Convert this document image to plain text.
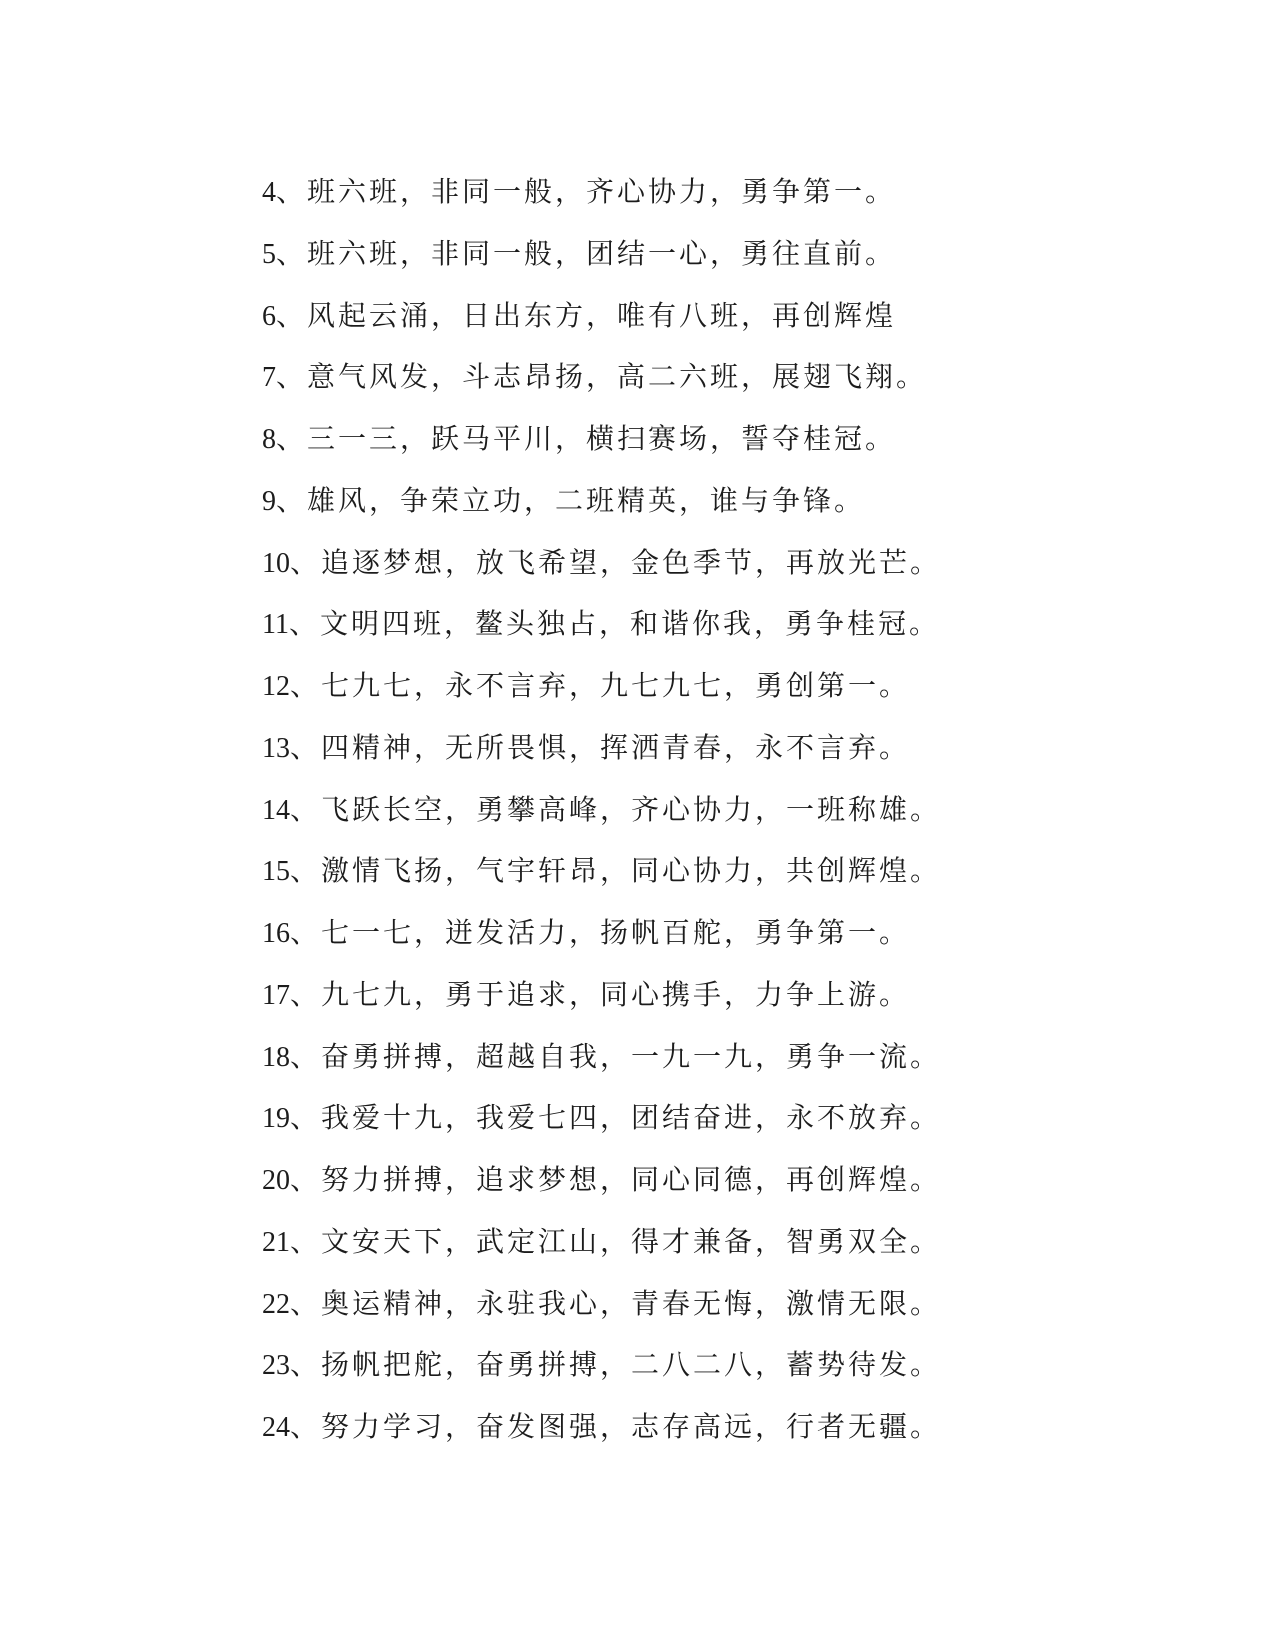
4、 班六班，非同一般，齐心协力，勇争第一。
5、 班六班，非同一般，团结一心，勇往直前。
6、 风起云涌，日出东方，唯有八班，再创辉煌
7、 意气风发，斗志昂扬，高二六班，展翅飞翔。
8、 三一三，跃马平川，横扫赛场，誓夺桂冠。
9、 雄风，争荣立功，二班精英，谁与争锋。
10、 追逐梦想，放飞希望，金色季节，再放光芒。
11、 文明四班，鳌头独占，和谐你我，勇争桂冠。
12、 七九七，永不言弃，九七九七，勇创第一。
13、 四精神，无所畏惧，挥洒青春，永不言弃。
14、 飞跃长空，勇攀高峰，齐心协力，一班称雄。
15、 激情飞扬，气宇轩昂，同心协力，共创辉煌。
16、 七一七，迸发活力，扬帆百舵，勇争第一。
17、 九七九，勇于追求，同心携手，力争上游。
18、 奋勇拼搏，超越自我，一九一九，勇争一流。
19、 我爱十九，我爱七四，团结奋进，永不放弃。
20、 努力拼搏，追求梦想，同心同德，再创辉煌。
21、 文安天下，武定江山，得才兼备，智勇双全。
22、 奥运精神，永驻我心，青春无悔，激情无限。
23、 扬帆把舵，奋勇拼搏，二八二八，蓄势待发。
24、 努力学习，奋发图强，志存高远，行者无疆。
